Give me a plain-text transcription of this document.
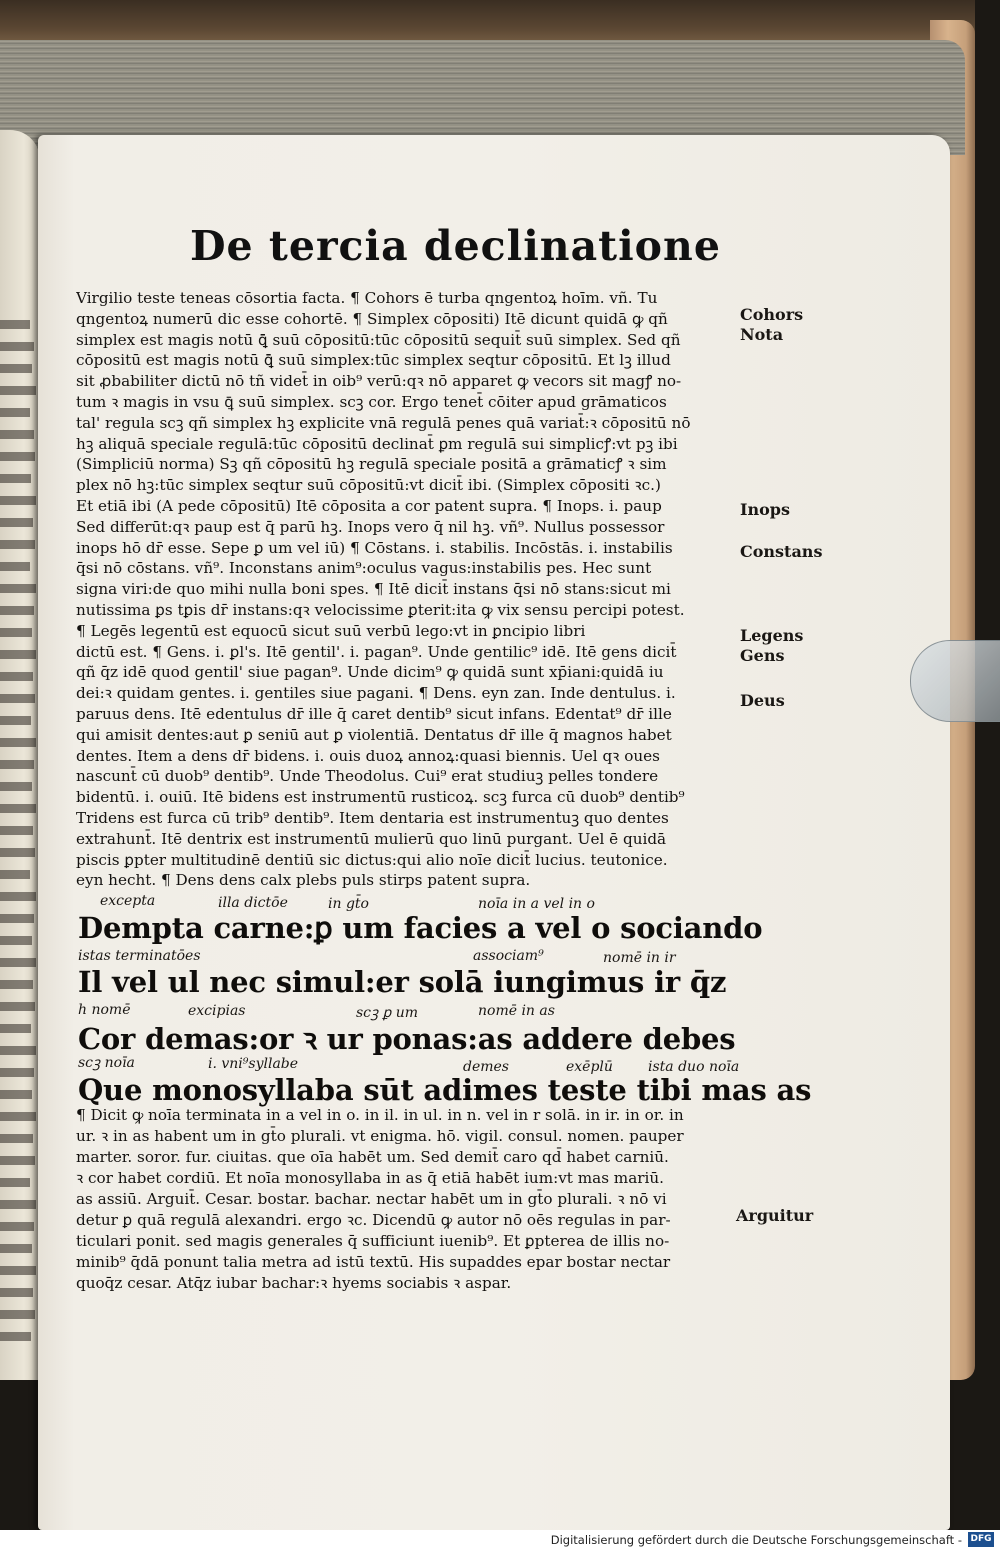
De tercia declinatione
Virgilio teste teneas cōsortia facta. ¶ Cohors ē turba qngentoꝝ hoīm. vñ. Tu
qngentoꝝ numerū dic esse cohortē. ¶ Simplex cōpositi) Itē dicunt quidā ꝙ qñ
simplex est magis notū ꝗ̄ suū cōpositū:tūc cōpositū sequit̄ suū simplex. Sed qñ
cōpositū est magis notū ꝗ̄ suū simplex:tūc simplex seqtur cōpositū. Et lꝫ illud
sit ꝓbabiliter dictū nō tñ videt̄ in oib⁹ verū:qꝛ nō apparet ꝙ vecors sit magꝭ no-
tum ꝛ magis in vsu ꝗ̄ suū simplex. scꝫ cor. Ergo tenet̄ cōiter apud grāmaticos
tal' regula scꝫ qñ simplex hꝫ explicite vnā regulā penes quā variat̄:ꝛ cōpositū nō
hꝫ aliquā speciale regulā:tūc cōpositū declinat̄ ꝑm regulā sui simplicꝭ:vt pꝫ ibi
(Simpliciū norma) Sꝫ qñ cōpositū hꝫ regulā speciale positā a grāmaticꝭ ꝛ sim
plex nō hꝫ:tūc simplex seqtur suū cōpositū:vt dicit̄ ibi. (Simplex cōpositi ꝛc.)
Et etiā ibi (A pede cōpositū) Itē cōposita a cor patent supra. ¶ Inops. i. paup
Sed differūt:qꝛ paup est q̄ parū hꝫ. Inops vero q̄ nil hꝫ. vñ⁹. Nullus possessor
inops hō dr̄ esse. Sepe ꝑ um vel iū) ¶ Cōstans. i. stabilis. Incōstās. i. instabilis
q̄si nō cōstans. vñ⁹. Inconstans anim⁹:oculus vagus:instabilis pes. Hec sunt
signa viri:de quo mihi nulla boni spes. ¶ Itē dicit̄ instans q̄si nō stans:sicut mi
nutissima ꝑs tꝑis dr̄ instans:qꝛ velocissime ꝑterit:ita ꝙ vix sensu percipi potest.
¶ Legēs legentū est equocū sicut suū verbū lego:vt in ꝑncipio libri
dictū est. ¶ Gens. i. ꝑl's. Itē gentil'. i. pagan⁹. Unde gentilic⁹ idē. Itē gens dicit̄
qñ q̄z idē quod gentil' siue pagan⁹. Unde dicim⁹ ꝙ quidā sunt xp̄iani:quidā iu
dei:ꝛ quidam gentes. i. gentiles siue pagani. ¶ Dens. eyn zan. Inde dentulus. i.
paruus dens. Itē edentulus dr̄ ille q̄ caret dentib⁹ sicut infans. Edentat⁹ dr̄ ille
qui amisit dentes:aut ꝑ seniū aut ꝑ violentiā. Dentatus dr̄ ille q̄ magnos habet
dentes. Item a dens dr̄ bidens. i. ouis duoꝝ annoꝝ:quasi biennis. Uel qꝛ oues
nascunt̄ cū duob⁹ dentib⁹. Unde Theodolus. Cui⁹ erat studiuꝫ pelles tondere
bidentū. i. ouiū. Itē bidens est instrumentū rusticoꝝ. scꝫ furca cū duob⁹ dentib⁹
Tridens est furca cū trib⁹ dentib⁹. Item dentaria est instrumentuꝫ quo dentes
extrahunt̄. Itē dentrix est instrumentū mulierū quo linū purgant. Uel ē quidā
piscis ꝑpter multitudinē dentiū sic dictus:qui alio noīe dicit̄ lucius. teutonice.
eyn hecht. ¶ Dens dens calx plebs puls stirps patent supra.
Cohors
Nota
Inops
Constans
Legens
Gens
Deus
excepta	illa dictōe	in gt̄o	noīa in a vel in o
Dempta carne:ꝑ um facies a vel o sociando
istas terminatōes	associam⁹	nomē in ir
Il vel ul nec simul:er solā iungimus ir q̄z
h nomē	excipias	scꝫ ꝑ um	nomē in as
Cor demas:or ꝛ ur ponas:as addere debes
scꝫ noīa	i. vni⁹syllabe	demes	exēplū	ista duo noīa
Que monosyllaba sūt adimes teste tibi mas as
¶ Dicit ꝙ noīa terminata in a vel in o. in il. in ul. in n. vel in r solā. in ir. in or. in
ur. ꝛ in as habent um in gt̄o plurali. vt enigma. hō. vigil. consul. nomen. pauper
marter. soror. fur. ciuitas. que oīa habēt um. Sed demit̄ caro qd̄ habet carniū.
ꝛ cor habet cordiū. Et noīa monosyllaba in as q̄ etiā habēt ium:vt mas mariū.
as assiū. Arguit̄. Cesar. bostar. bachar. nectar habēt um in gt̄o plurali. ꝛ nō vi
detur ꝑ quā regulā alexandri. ergo ꝛc. Dicendū ꝙ autor nō oēs regulas in par-
ticulari ponit. sed magis generales q̄ sufficiunt iuenib⁹. Et ꝑpterea de illis no-
minib⁹ q̄dā ponunt talia metra ad istū textū. His supaddes epar bostar nectar
quoq̄z cesar. Atq̄z iubar bachar:ꝛ hyems sociabis ꝛ aspar.
Arguitur
Digitalisierung gefördert durch die Deutsche Forschungsgemeinschaft - DFG
